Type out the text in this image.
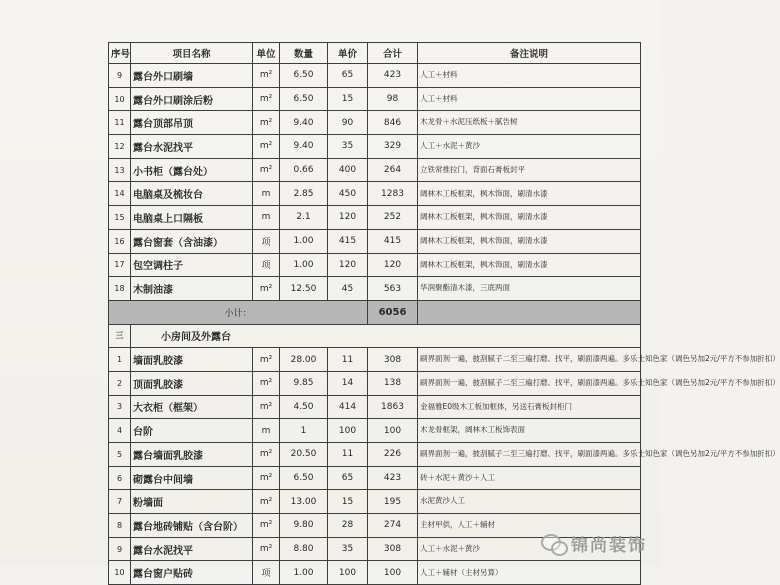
序号	项目名称	单位	数量	单价	合计	备注说明
9	露台外口刷墙	m²	6.50	65	423	人工＋材料
10	露台外口刷涂后粉	m²	6.50	15	98	人工＋材料
11	露台顶部吊顶	m²	9.40	90	846	木龙骨＋水泥压纸板＋腻告树
12	露台水泥找平	m²	9.40	35	329	人工＋水泥＋黄沙
13	小书柜（露台处）	m²	0.66	400	264	立铁常推拉门，背面石膏板封平
14	电脑桌及梳妆台	m	2.85	450	1283	阔林木工板框架，枫木饰面，刷清水漆
15	电脑桌上口隔板	m	2.1	120	252	阔林木工板框架，枫木饰面，刷清水漆
16	露台窗套（含油漆）	项	1.00	415	415	阔林木工板框架，枫木饰面，刷清水漆
17	包空调柱子	项	1.00	120	120	阔林木工板框架，枫木饰面，刷清水漆
18	木制油漆	m²	12.50	45	563	华润聚酯清木漆，三底两面
小计：					6056	
三	小房间及外露台					
1	墙面乳胶漆	m²	28.00	11	308	刷界面剂一遍，披刮腻子二至三遍打磨、找平，刷面漆两遍。多乐士知色家（调色另加2元/平方不参加折扣）
2	顶面乳胶漆	m²	9.85	14	138	刷界面剂一遍，披刮腻子二至三遍打磨、找平，刷面漆两遍。多乐士知色家（调色另加2元/平方不参加折扣）
3	大衣柜（框架）	m²	4.50	414	1863	金福雅E0级木工板加框体，另送石膏板封柜门
4	台阶	m	1	100	100	木龙骨框架，阔林木工板饰表面
5	露台墙面乳胶漆	m²	20.50	11	226	刷界面剂一遍，披刮腻子二至三遍打磨、找平，刷面漆两遍。多乐士知色家（调色另加2元/平方不参加折扣）
6	砌露台中间墙	m²	6.50	65	423	砖＋水泥＋黄沙＋人工
7	粉墙面	m²	13.00	15	195	水泥黄沙人工
8	露台地砖铺贴（含台阶）	m²	9.80	28	274	主材甲供，人工＋辅材
9	露台水泥找平	m²	8.80	35	308	人工＋水泥＋黄沙
10	露台窗户贴砖	项	1.00	100	100	人工＋辅材（主材另算）
锦尚装饰
